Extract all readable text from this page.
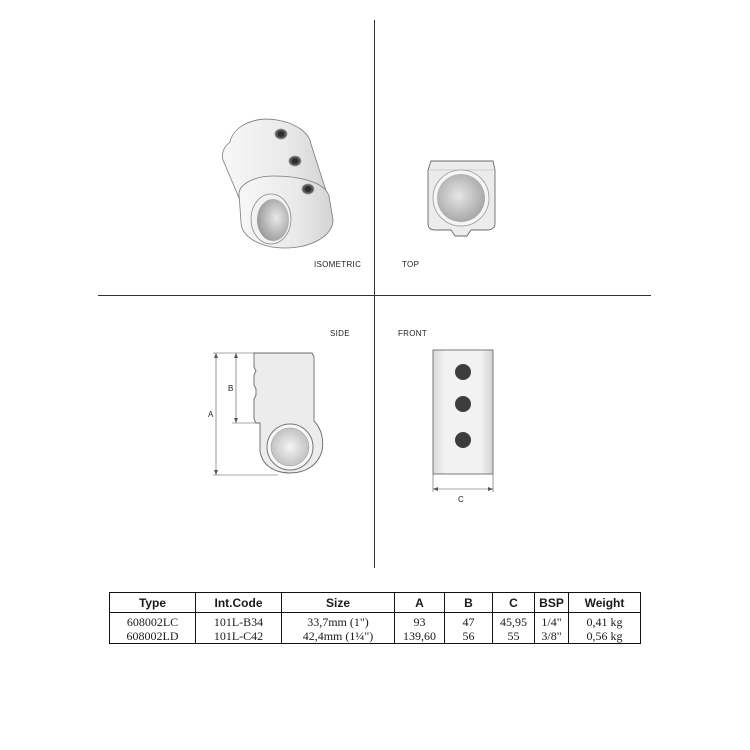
ISOMETRIC	TOP
SIDE
A
B
FRONT
C
Type	Int.Code	Size	A	B	C	BSP	Weight
608002LC	101L-B34	33,7mm (1")	93	47	45,95	1/4"	0,41 kg
608002LD	101L-C42	42,4mm (1¼")	139,60	56	55	3/8"	0,56 kg
